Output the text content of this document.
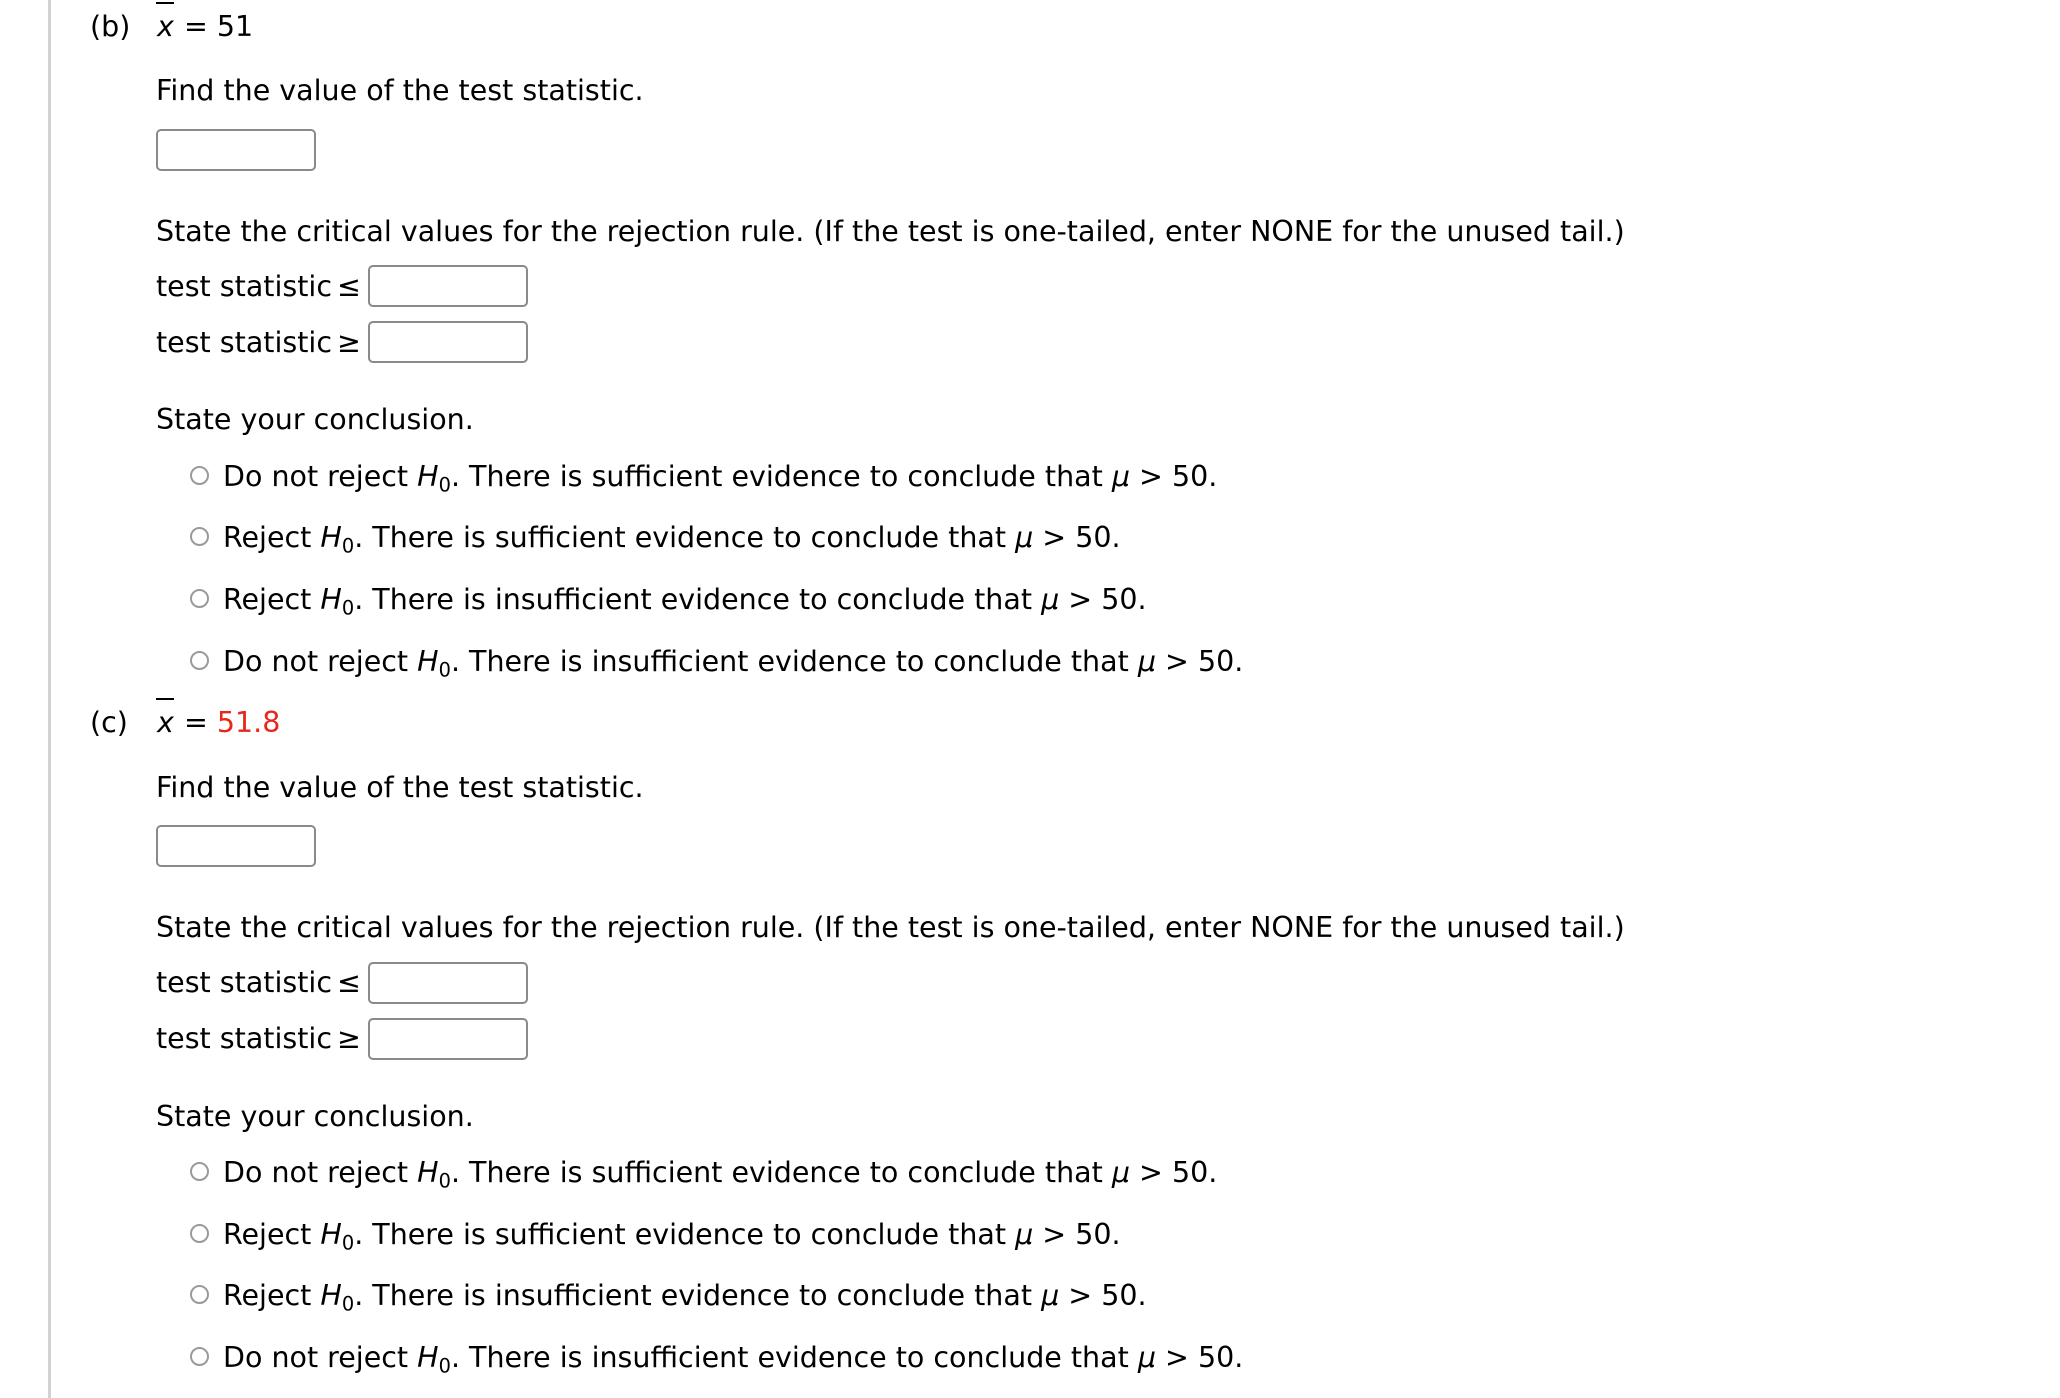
(b) x = 51
Find the value of the test statistic.
State the critical values for the rejection rule. (If the test is one-tailed, enter NONE for the unused tail.)
test statistic ≤
test statistic ≥
State your conclusion.
Do not reject $H_0$. There is sufficient evidence to conclude that μ > 50.
Reject $H_0$. There is sufficient evidence to conclude that μ > 50.
Reject $H_0$. There is insufficient evidence to conclude that μ > 50.
Do not reject $H_0$. There is insufficient evidence to conclude that μ > 50.
(c)	x = 51.8
Find the value of the test statistic.
State the critical values for the rejection rule. (If the test is one-tailed, enter NONE for the unused tail.)
test statistic ≤
test statistic ≥
State your conclusion.
Do not reject $H_0$. There is sufficient evidence to conclude that μ > 50.
Reject $H_0$. There is sufficient evidence to conclude that μ > 50.
Reject $H_0$. There is insufficient evidence to conclude that μ > 50.
Do not reject $H_0$. There is insufficient evidence to conclude that μ > 50.
